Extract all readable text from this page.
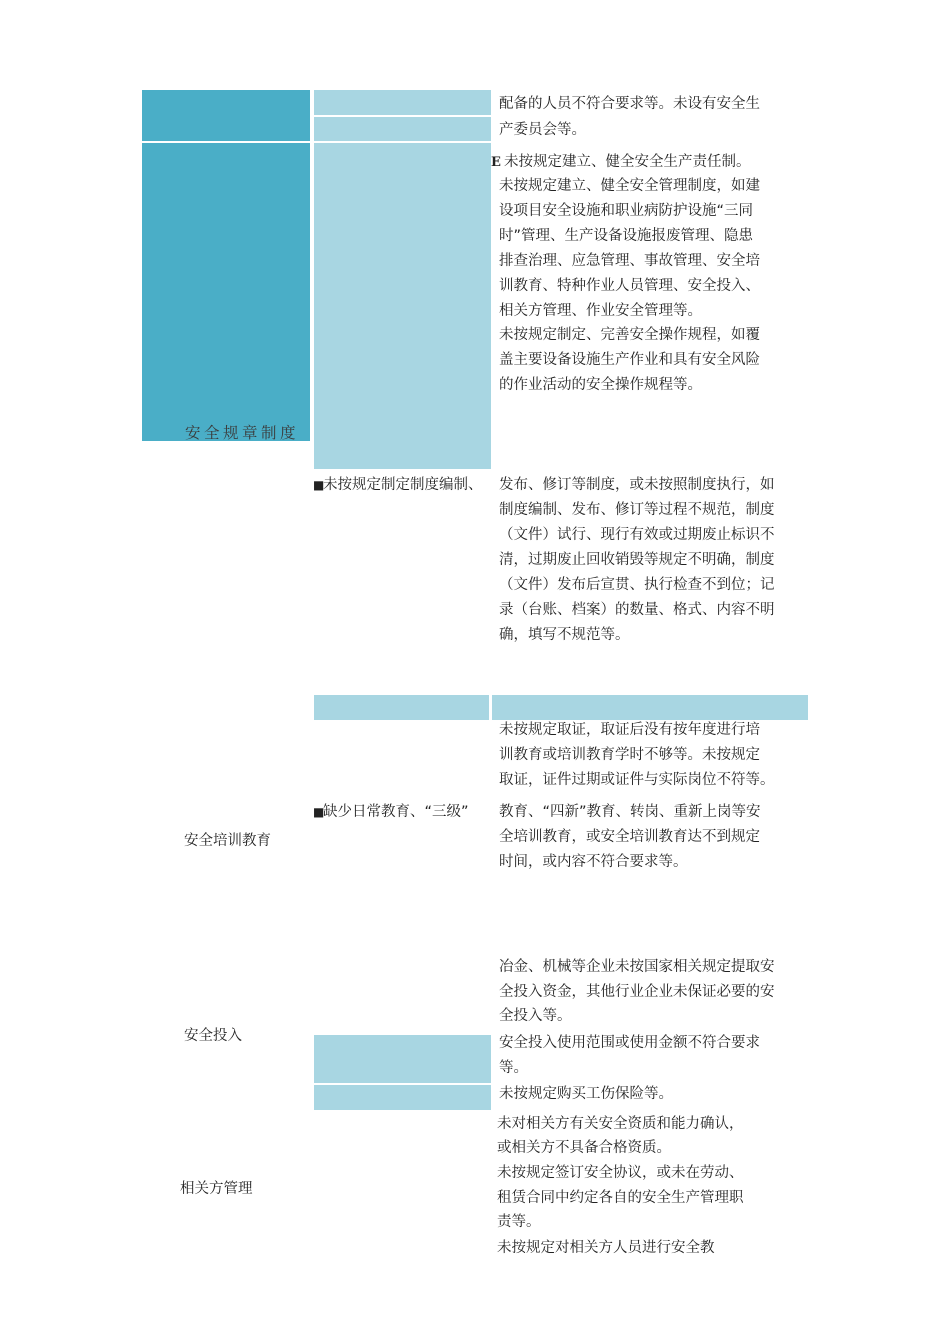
安全规章制度

配备的人员不符合要求等。未设有安全生

产委员会等。

E 未按规定建立、健全安全生产责任制。

未按规定建立、健全安全管理制度，如建

设项目安全设施和职业病防护设施“三同

时”管理、生产设备设施报废管理、隐患

排查治理、应急管理、事故管理、安全培

训教育、特种作业人员管理、安全投入、

相关方管理、作业安全管理等。

未按规定制定、完善安全操作规程，如覆

盖主要设备设施生产作业和具有安全风险

的作业活动的安全操作规程等。

■

未按规定制定制度编制、 发布、修订等制度，或未按照制度执行，如

制度编制、发布、修订等过程不规范，制度

（文件）试行、现行有效或过期废止标识不

清，过期废止回收销毁等规定不明确，制度

（文件）发布后宣贯、执行检查不到位；记

录（台账、档案）的数量、格式、内容不明

确，填写不规范等。

安全培训教育

未按规定取证，取证后没有按年度进行培

训教育或培训教育学时不够等。未按规定

取证，证件过期或证件与实际岗位不符等。

■

缺少日常教育、“三级” 教育、“四新”教育、转岗、重新上岗等安

全培训教育，或安全培训教育达不到规定

时间，或内容不符合要求等。

安全投入

冶金、机械等企业未按国家相关规定提取安

全投入资金，其他行业企业未保证必要的安

全投入等。

安全投入使用范围或使用金额不符合要求

等。

未按规定购买工伤保险等。

相关方管理

未对相关方有关安全资质和能力确认，

或相关方不具备合格资质。

未按规定签订安全协议，或未在劳动、

租赁合同中约定各自的安全生产管理职

责等。

未按规定对相关方人员进行安全教
